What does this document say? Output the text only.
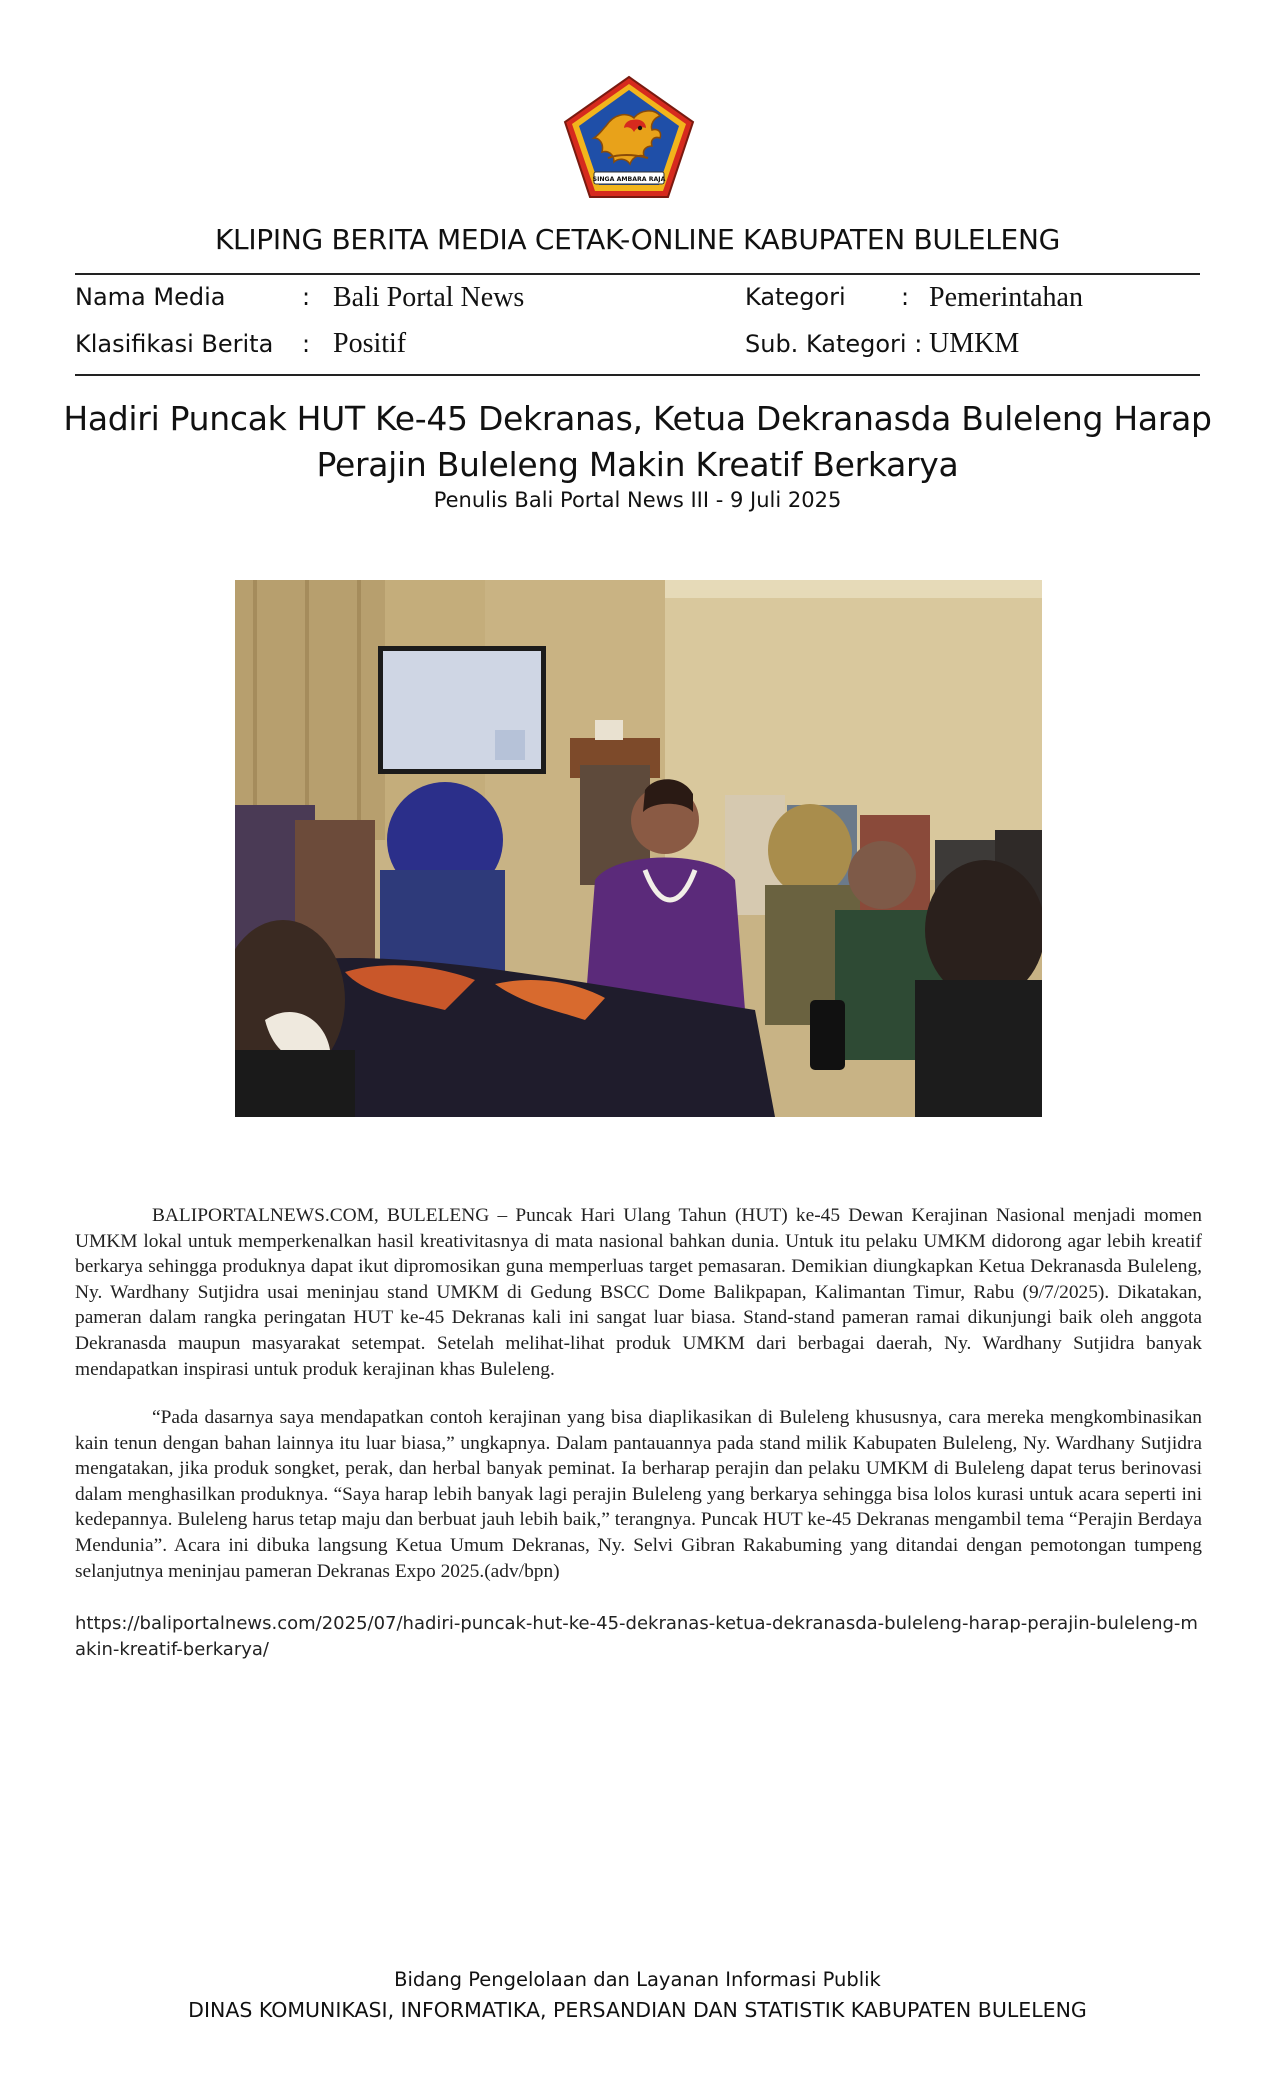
SINGA AMBARA RAJA
KLIPING BERITA MEDIA CETAK-ONLINE KABUPATEN BULELENG
Nama Media	: Bali Portal News	Kategori : Pemerintahan
Klasifikasi Berita : Positif	Sub. Kategori : UMKM
Hadiri Puncak HUT Ke-45 Dekranas, Ketua Dekranasda Buleleng Harap
Perajin Buleleng Makin Kreatif Berkarya
Penulis Bali Portal News III - 9 Juli 2025

BALIPORTALNEWS.COM, BULELENG – Puncak Hari Ulang Tahun (HUT) ke-45 Dewan Kerajinan Nasional menjadi momen UMKM lokal untuk memperkenalkan hasil kreativitasnya di mata nasional bahkan dunia. Untuk itu pelaku UMKM didorong agar lebih kreatif berkarya sehingga produknya dapat ikut dipromosikan guna memperluas target pemasaran. Demikian diungkapkan Ketua Dekranasda Buleleng, Ny. Wardhany Sutjidra usai meninjau stand UMKM di Gedung BSCC Dome Balikpapan, Kalimantan Timur, Rabu (9/7/2025). Dikatakan, pameran dalam rangka peringatan HUT ke-45 Dekranas kali ini sangat luar biasa. Stand-stand pameran ramai dikunjungi baik oleh anggota Dekranasda maupun masyarakat setempat. Setelah melihat-lihat produk UMKM dari berbagai daerah, Ny. Wardhany Sutjidra banyak mendapatkan inspirasi untuk produk kerajinan khas Buleleng.

“Pada dasarnya saya mendapatkan contoh kerajinan yang bisa diaplikasikan di Buleleng khususnya, cara mereka mengkombinasikan kain tenun dengan bahan lainnya itu luar biasa,” ungkapnya. Dalam pantauannya pada stand milik Kabupaten Buleleng, Ny. Wardhany Sutjidra mengatakan, jika produk songket, perak, dan herbal banyak peminat. Ia berharap perajin dan pelaku UMKM di Buleleng dapat terus berinovasi dalam menghasilkan produknya. “Saya harap lebih banyak lagi perajin Buleleng yang berkarya sehingga bisa lolos kurasi untuk acara seperti ini kedepannya. Buleleng harus tetap maju dan berbuat jauh lebih baik,” terangnya. Puncak HUT ke-45 Dekranas mengambil tema “Perajin Berdaya Mendunia”. Acara ini dibuka langsung Ketua Umum Dekranas, Ny. Selvi Gibran Rakabuming yang ditandai dengan pemotongan tumpeng selanjutnya meninjau pameran Dekranas Expo 2025.(adv/bpn)

https://baliportalnews.com/2025/07/hadiri-puncak-hut-ke-45-dekranas-ketua-dekranasda-buleleng-harap-perajin-buleleng-makin-kreatif-berkarya/
Bidang Pengelolaan dan Layanan Informasi Publik
DINAS KOMUNIKASI, INFORMATIKA, PERSANDIAN DAN STATISTIK KABUPATEN BULELENG
